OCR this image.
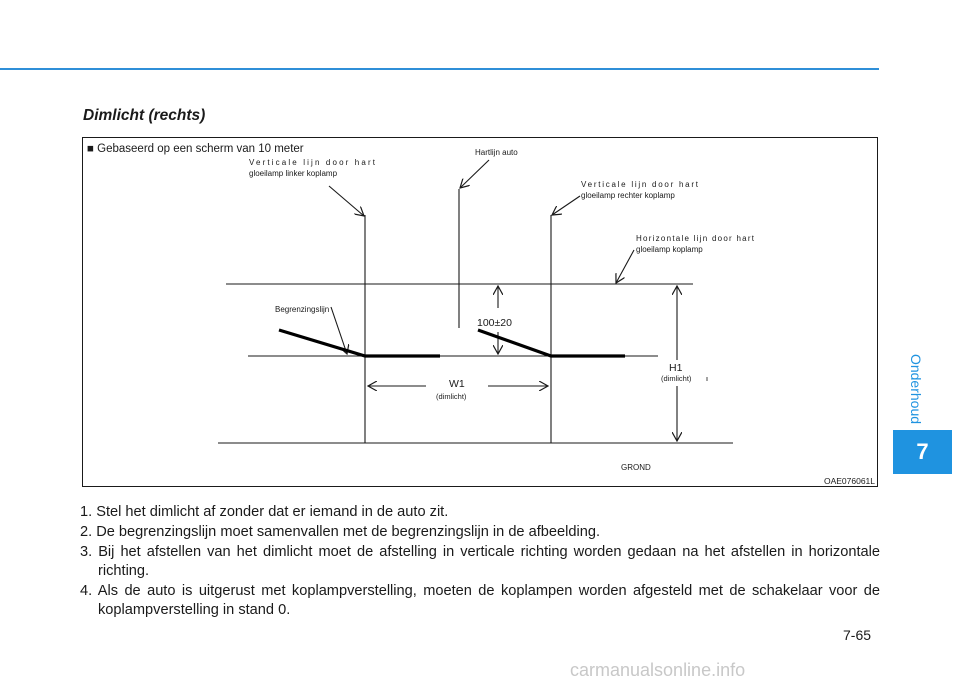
Dimlicht (rechts)
■ Gebaseerd op een scherm van 10 meter
Verticale lijn door hart
gloeilamp linker koplamp
Hartlijn auto
Verticale lijn door hart
gloeilamp rechter koplamp
Horizontale lijn door hart
gloeilamp koplamp
Begrenzingslijn
100±20
W1
(dimlicht)
H1
(dimlicht)
GROND
OAE076061L
1. Stel het dimlicht af zonder dat er iemand in de auto zit.
2. De begrenzingslijn moet samenvallen met de begrenzingslijn in de afbeelding.
3. Bij het afstellen van het dimlicht moet de afstelling in verticale richting worden gedaan na het afstellen in horizontale richting.
4. Als de auto is uitgerust met koplampverstelling, moeten de koplampen worden afgesteld met de schakelaar voor de koplampverstelling in stand 0.
7-65
Onderhoud
7
carmanualsonline.info
